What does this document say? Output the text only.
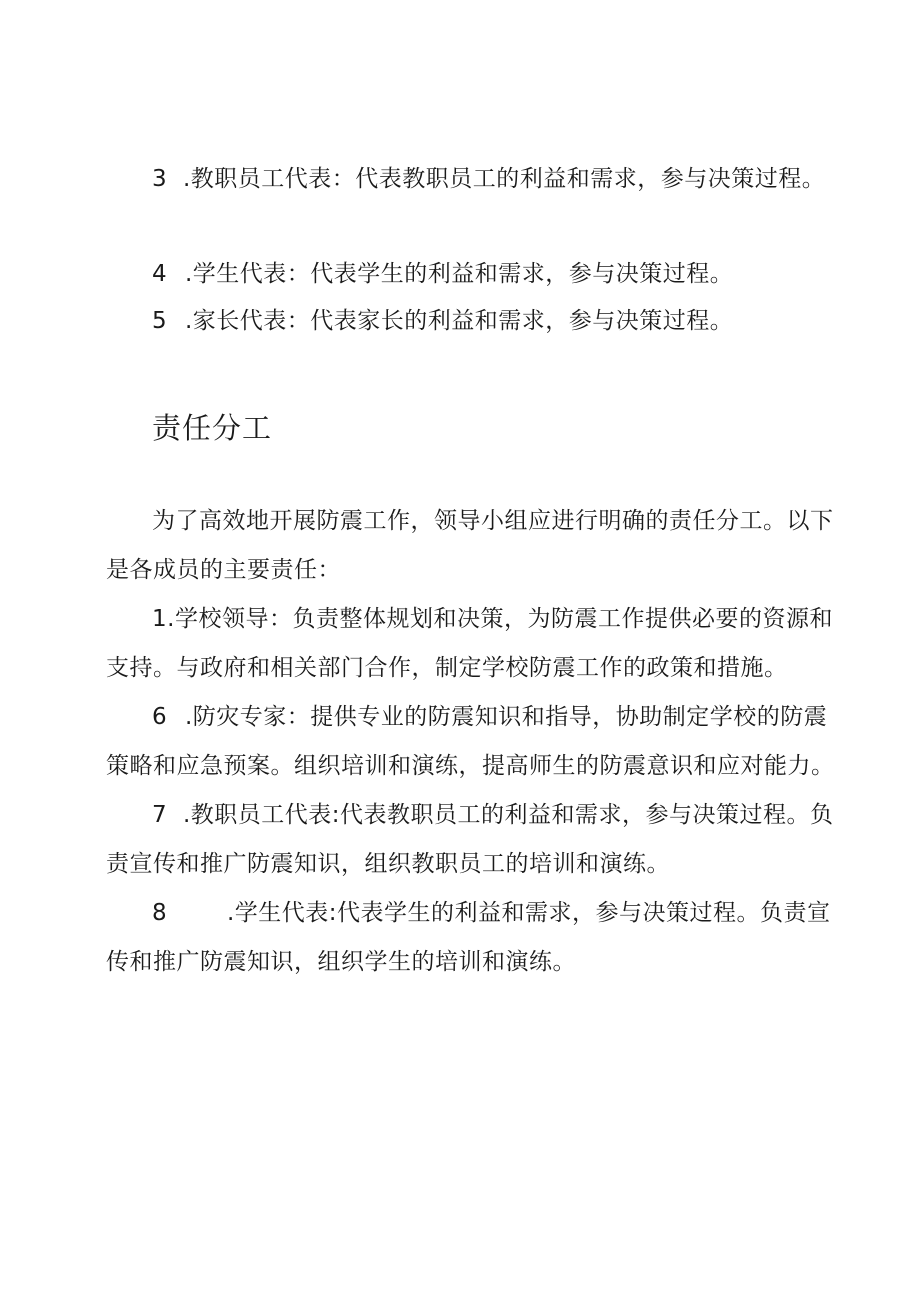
3 .教职员工代表：代表教职员工的利益和需求，参与决策过程。
4 .学生代表：代表学生的利益和需求，参与决策过程。
5 .家长代表：代表家长的利益和需求，参与决策过程。
责任分工
为了高效地开展防震工作，领导小组应进行明确的责任分工。以下
是各成员的主要责任：
1.学校领导：负责整体规划和决策，为防震工作提供必要的资源和
支持。与政府和相关部门合作，制定学校防震工作的政策和措施。
6 .防灾专家：提供专业的防震知识和指导，协助制定学校的防震
策略和应急预案。组织培训和演练，提高师生的防震意识和应对能力。
7 .教职员工代表:代表教职员工的利益和需求，参与决策过程。负
责宣传和推广防震知识，组织教职员工的培训和演练。
8	.学生代表:代表学生的利益和需求，参与决策过程。负责宣
传和推广防震知识，组织学生的培训和演练。
